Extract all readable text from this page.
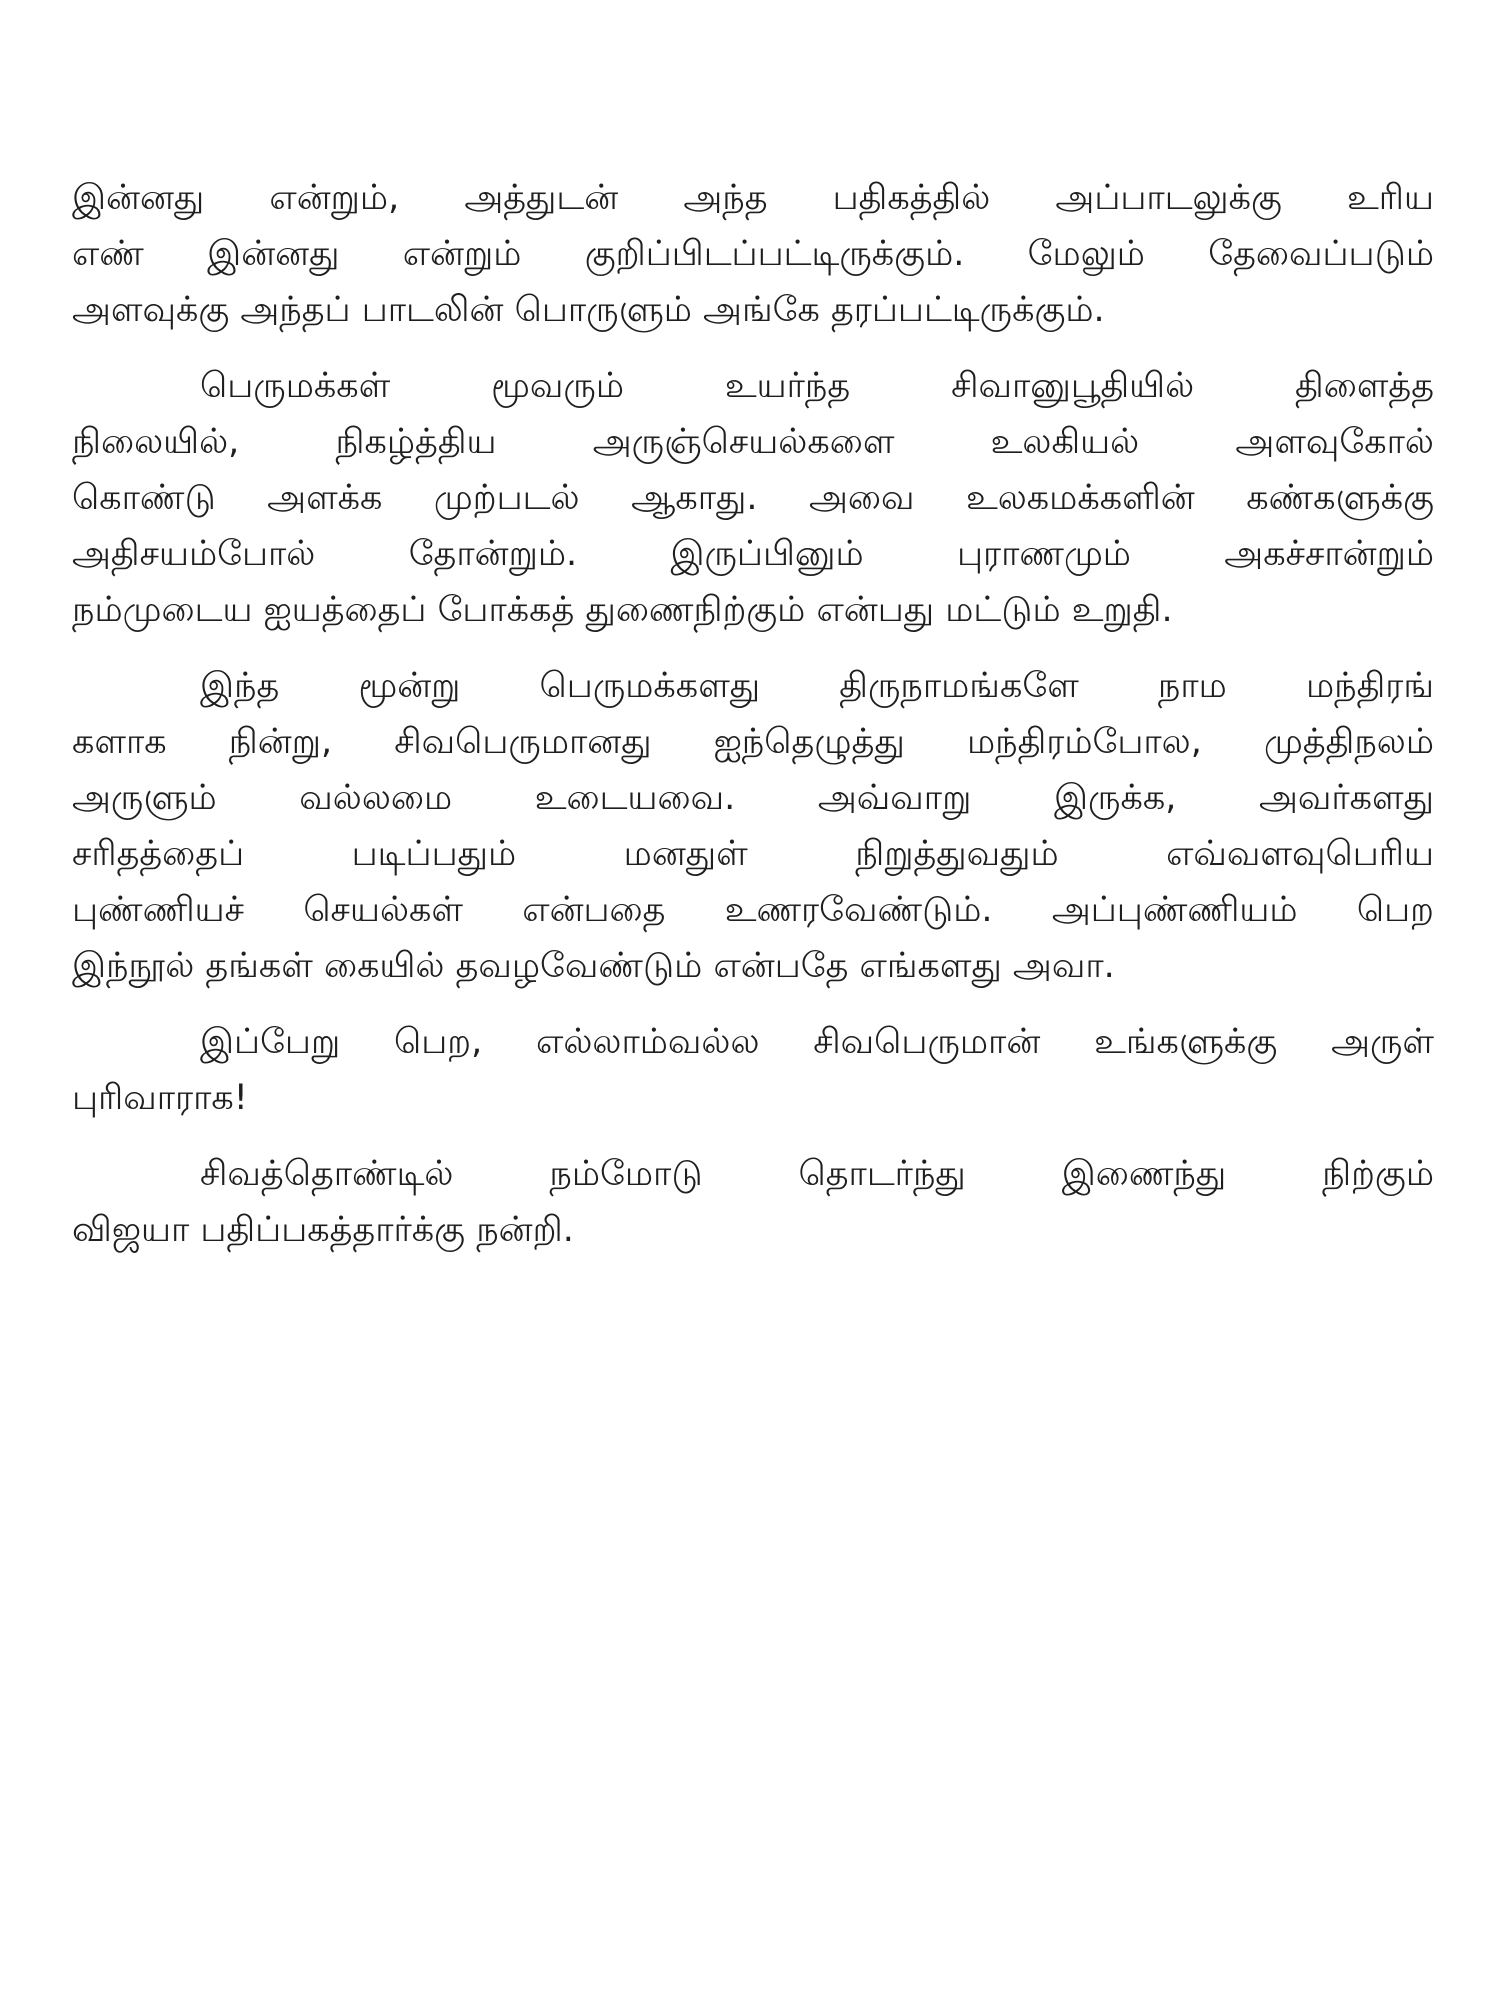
இன்னது என்றும், அத்துடன் அந்த பதிகத்தில் அப்பாடலுக்கு உரிய
எண் இன்னது என்றும் குறிப்பிடப்பட்டிருக்கும். மேலும் தேவைப்படும்
அளவுக்கு அந்தப் பாடலின் பொருளும் அங்கே தரப்பட்டிருக்கும்.
பெருமக்கள் மூவரும் உயர்ந்த சிவானுபூதியில் திளைத்த
நிலையில், நிகழ்த்திய அருஞ்செயல்களை உலகியல் அளவுகோல்
கொண்டு அளக்க முற்படல் ஆகாது. அவை உலகமக்களின் கண்களுக்கு
அதிசயம்போல் தோன்றும். இருப்பினும் புராணமும் அகச்சான்றும்
நம்முடைய ஐயத்தைப் போக்கத் துணைநிற்கும் என்பது மட்டும் உறுதி.
இந்த மூன்று பெருமக்களது திருநாமங்களே நாம மந்திரங்
களாக நின்று, சிவபெருமானது ஐந்தெழுத்து மந்திரம்போல, முத்திநலம்
அருளும் வல்லமை உடையவை. அவ்வாறு இருக்க, அவர்களது
சரிதத்தைப் படிப்பதும் மனதுள் நிறுத்துவதும் எவ்வளவுபெரிய
புண்ணியச் செயல்கள் என்பதை உணரவேண்டும். அப்புண்ணியம் பெற
இந்நூல் தங்கள் கையில் தவழவேண்டும் என்பதே எங்களது அவா.
இப்பேறு பெற, எல்லாம்வல்ல சிவபெருமான் உங்களுக்கு அருள்
புரிவாராக!
சிவத்தொண்டில் நம்மோடு தொடர்ந்து இணைந்து நிற்கும்
விஜயா பதிப்பகத்தார்க்கு நன்றி.
